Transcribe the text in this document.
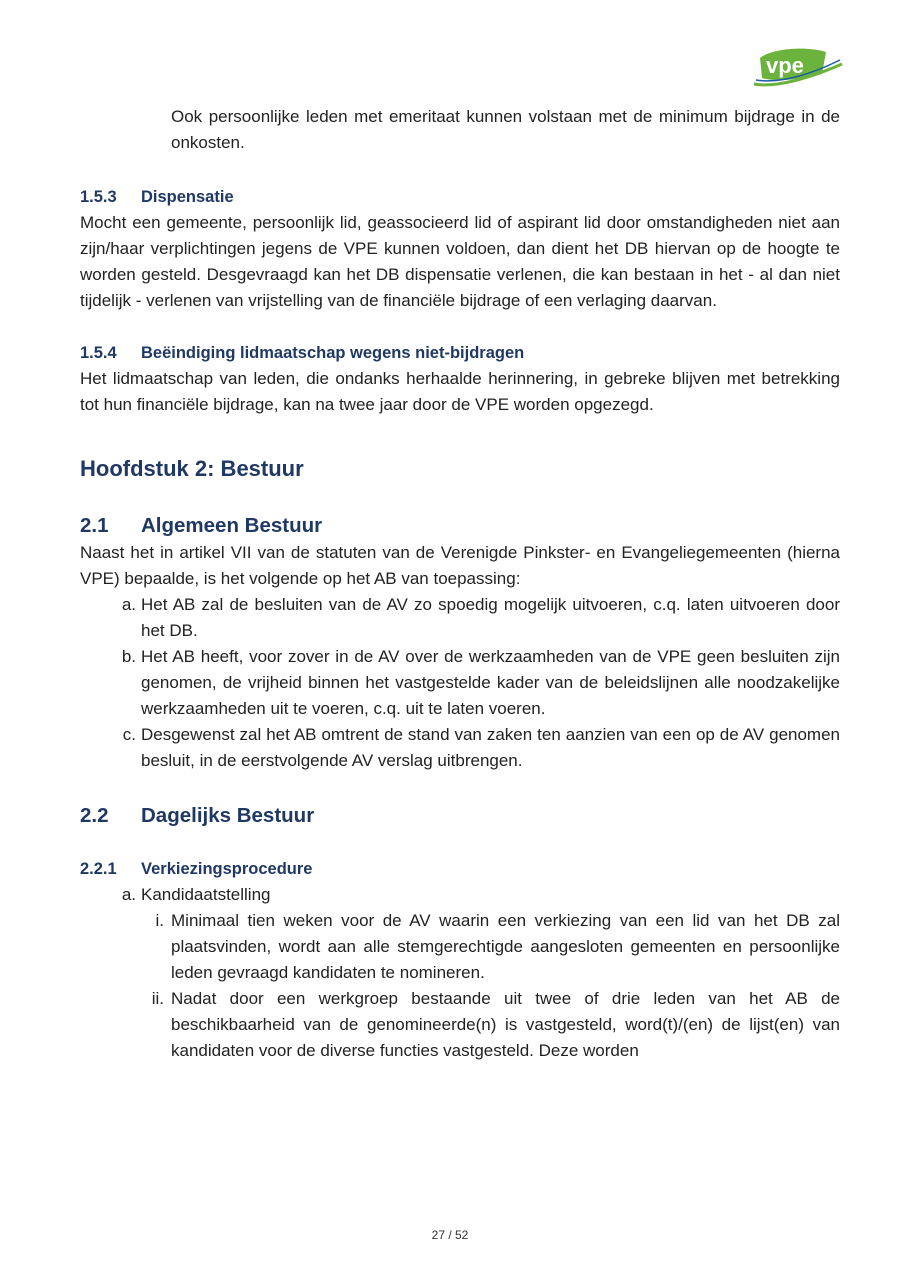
vpe

Ook persoonlijke leden met emeritaat kunnen volstaan met de minimum bijdrage in de onkosten.

1.5.3 Dispensatie

Mocht een gemeente, persoonlijk lid, geassocieerd lid of aspirant lid door omstandigheden niet aan zijn/haar verplichtingen jegens de VPE kunnen voldoen, dan dient het DB hiervan op de hoogte te worden gesteld. Desgevraagd kan het DB dispensatie verlenen, die kan bestaan in het - al dan niet tijdelijk - verlenen van vrijstelling van de financiële bijdrage of een verlaging daarvan.

1.5.4 Beëindiging lidmaatschap wegens niet-bijdragen

Het lidmaatschap van leden, die ondanks herhaalde herinnering, in gebreke blijven met betrekking tot hun financiële bijdrage, kan na twee jaar door de VPE worden opgezegd.

Hoofdstuk 2: Bestuur
2.1 Algemeen Bestuur

Naast het in artikel VII van de statuten van de Verenigde Pinkster- en Evangeliegemeenten (hierna VPE) bepaalde, is het volgende op het AB van toepassing:

a. Het AB zal de besluiten van de AV zo spoedig mogelijk uitvoeren, c.q. laten uitvoeren door het DB.
b. Het AB heeft, voor zover in de AV over de werkzaamheden van de VPE geen besluiten zijn genomen, de vrijheid binnen het vastgestelde kader van de beleidslijnen alle noodzakelijke werkzaamheden uit te voeren, c.q. uit te laten voeren.
c. Desgewenst zal het AB omtrent de stand van zaken ten aanzien van een op de AV genomen besluit, in de eerstvolgende AV verslag uitbrengen.
2.2 Dagelijks Bestuur
2.2.1 Verkiezingsprocedure
a. Kandidaatstelling
i. Minimaal tien weken voor de AV waarin een verkiezing van een lid van het DB zal plaatsvinden, wordt aan alle stemgerechtigde aangesloten gemeenten en persoonlijke leden gevraagd kandidaten te nomineren.
ii. Nadat door een werkgroep bestaande uit twee of drie leden van het AB de beschikbaarheid van de genomineerde(n) is vastgesteld, word(t)/(en) de lijst(en) van kandidaten voor de diverse functies vastgesteld. Deze worden
27 / 52
